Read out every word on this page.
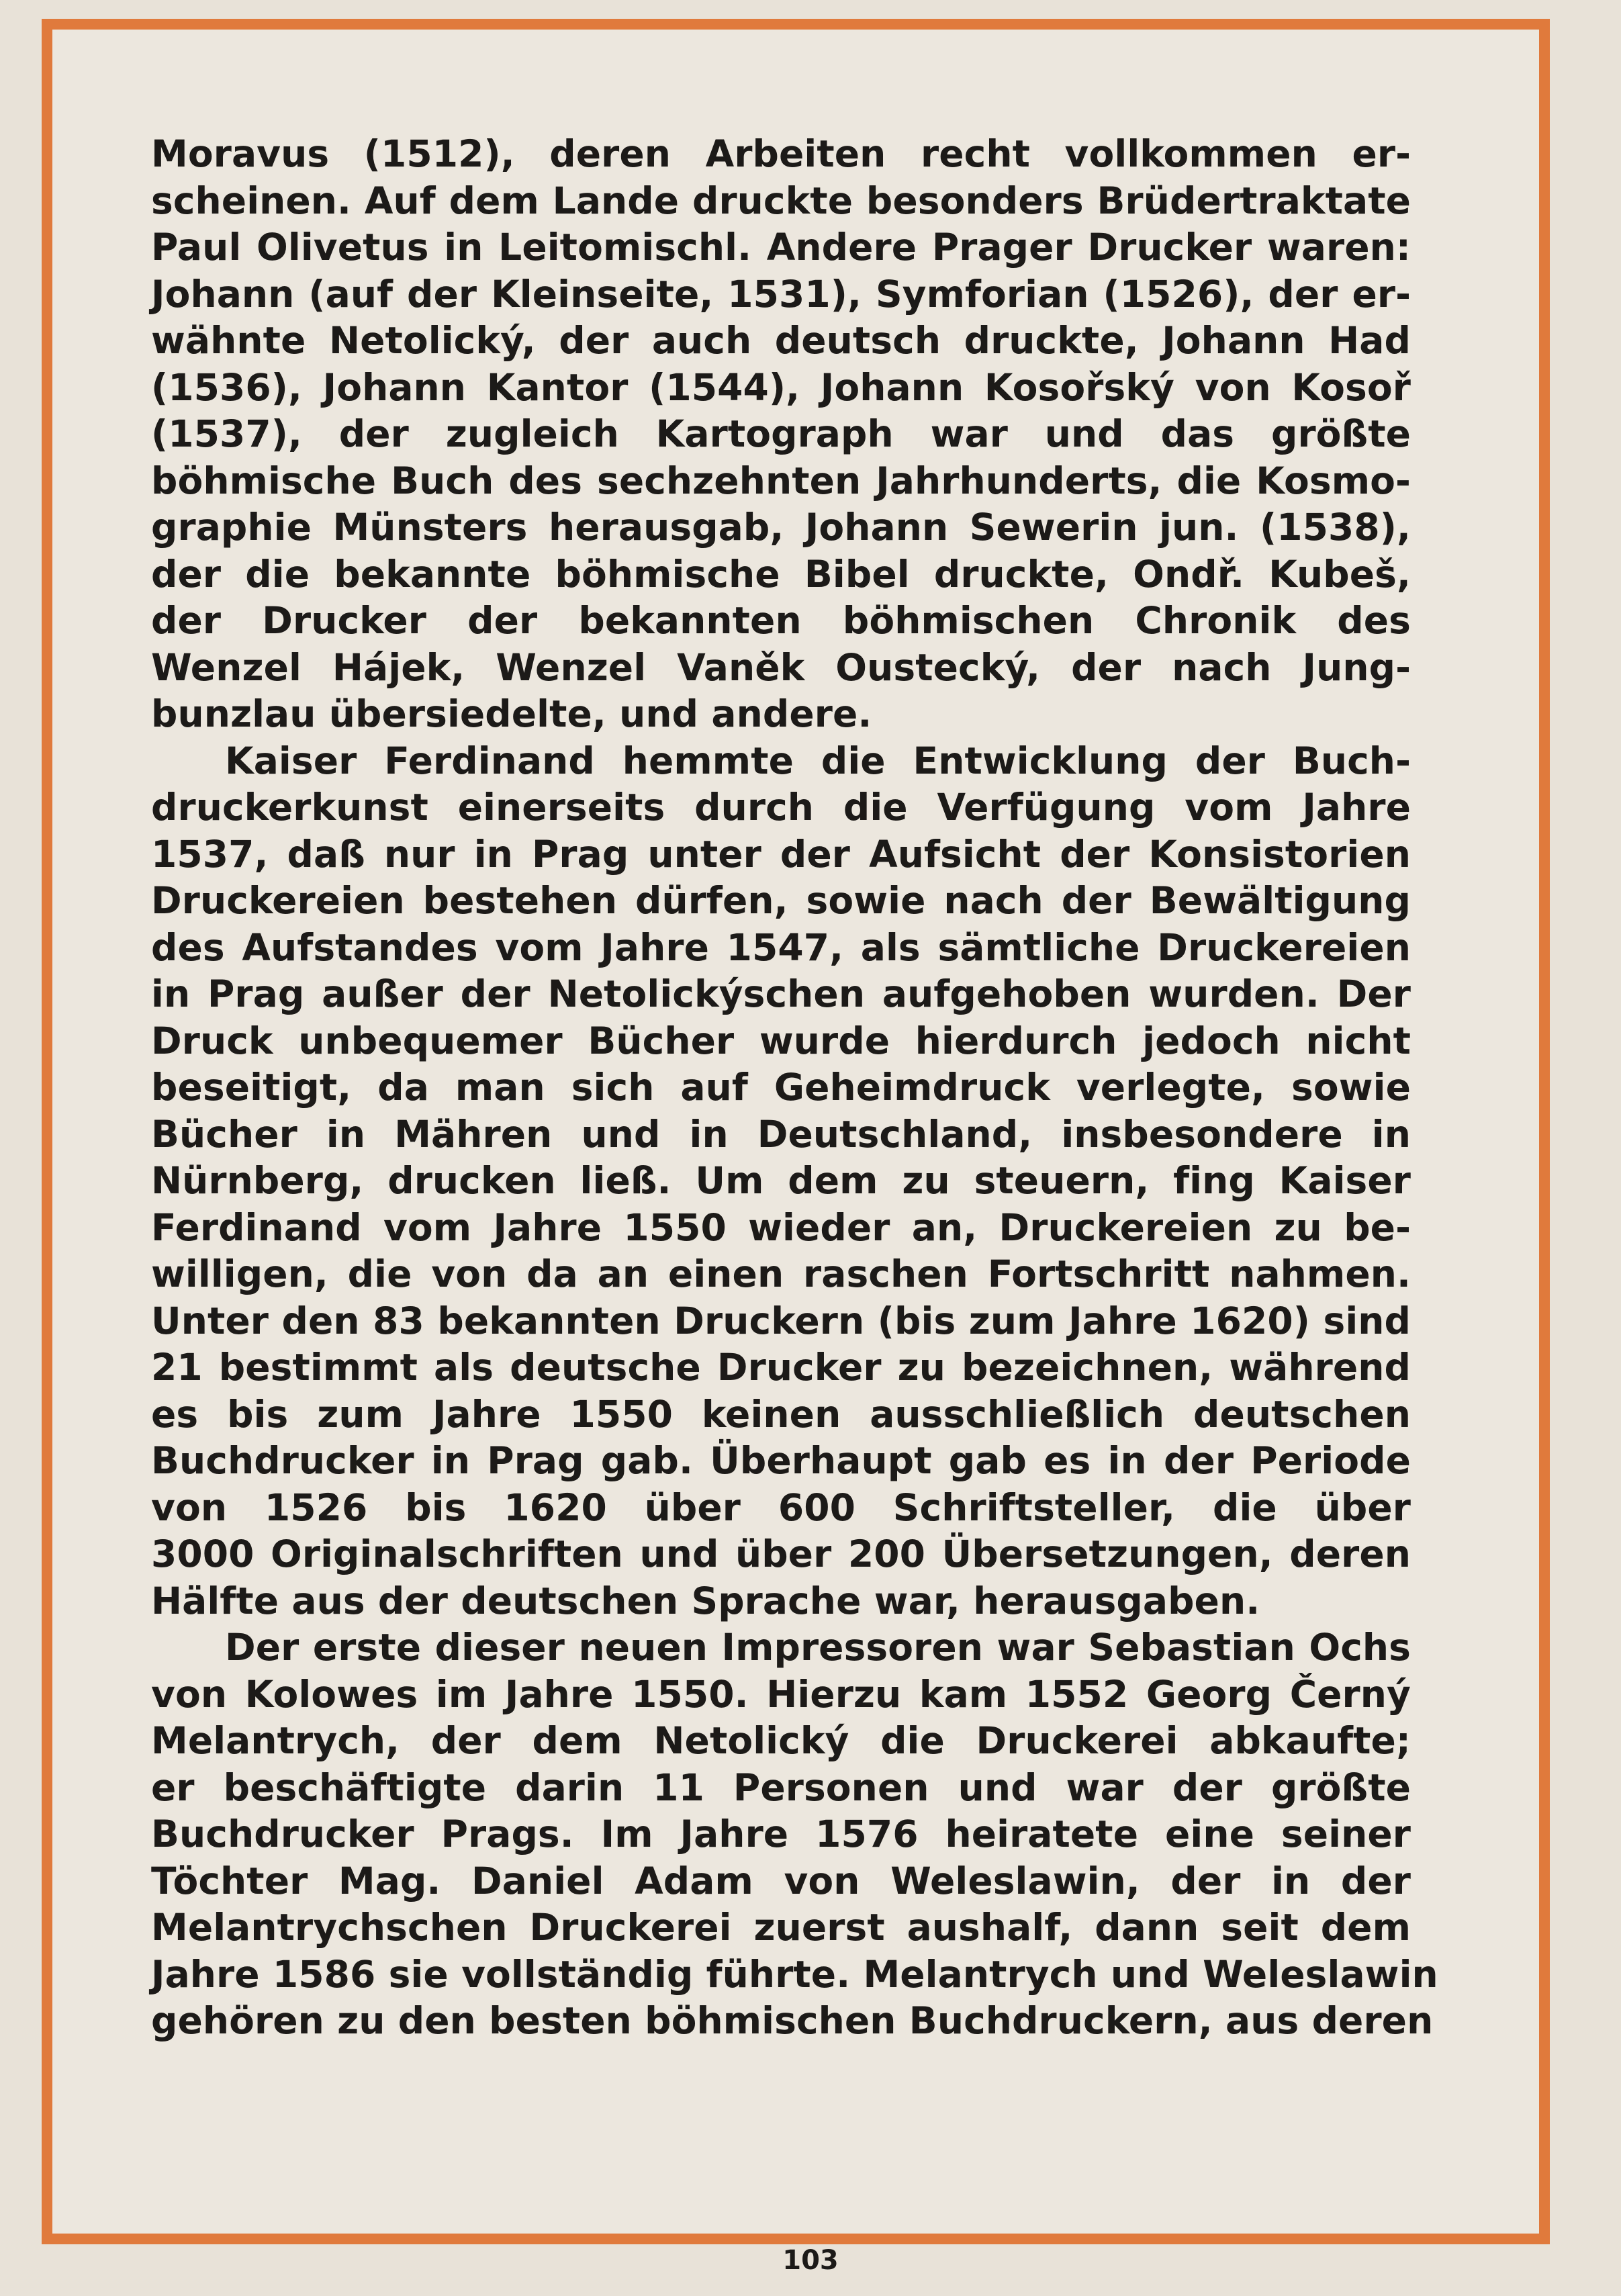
Moravus (1512), deren Arbeiten recht vollkommen er-
scheinen. Auf dem Lande druckte besonders Brüdertraktate
Paul Olivetus in Leitomischl. Andere Prager Drucker waren:
Johann (auf der Kleinseite, 1531), Symforian (1526), der er-
wähnte Netolický, der auch deutsch druckte, Johann Had
(1536), Johann Kantor (1544), Johann Kosořský von Kosoř
(1537), der zugleich Kartograph war und das größte
böhmische Buch des sechzehnten Jahrhunderts, die Kosmo-
graphie Münsters herausgab, Johann Sewerin jun. (1538),
der die bekannte böhmische Bibel druckte, Ondř. Kubeš,
der Drucker der bekannten böhmischen Chronik des
Wenzel Hájek, Wenzel Vaněk Oustecký, der nach Jung-
bunzlau übersiedelte, und andere.
Kaiser Ferdinand hemmte die Entwicklung der Buch-
druckerkunst einerseits durch die Verfügung vom Jahre
1537, daß nur in Prag unter der Aufsicht der Konsistorien
Druckereien bestehen dürfen, sowie nach der Bewältigung
des Aufstandes vom Jahre 1547, als sämtliche Druckereien
in Prag außer der Netolickýschen aufgehoben wurden. Der
Druck unbequemer Bücher wurde hierdurch jedoch nicht
beseitigt, da man sich auf Geheimdruck verlegte, sowie
Bücher in Mähren und in Deutschland, insbesondere in
Nürnberg, drucken ließ. Um dem zu steuern, fing Kaiser
Ferdinand vom Jahre 1550 wieder an, Druckereien zu be-
willigen, die von da an einen raschen Fortschritt nahmen.
Unter den 83 bekannten Druckern (bis zum Jahre 1620) sind
21 bestimmt als deutsche Drucker zu bezeichnen, während
es bis zum Jahre 1550 keinen ausschließlich deutschen
Buchdrucker in Prag gab. Überhaupt gab es in der Periode
von 1526 bis 1620 über 600 Schriftsteller, die über
3000 Originalschriften und über 200 Übersetzungen, deren
Hälfte aus der deutschen Sprache war, herausgaben.
Der erste dieser neuen Impressoren war Sebastian Ochs
von Kolowes im Jahre 1550. Hierzu kam 1552 Georg Černý
Melantrych, der dem Netolický die Druckerei abkaufte;
er beschäftigte darin 11 Personen und war der größte
Buchdrucker Prags. Im Jahre 1576 heiratete eine seiner
Töchter Mag. Daniel Adam von Weleslawin, der in der
Melantrychschen Druckerei zuerst aushalf, dann seit dem
Jahre 1586 sie vollständig führte. Melantrych und Weleslawin
gehören zu den besten böhmischen Buchdruckern, aus deren
103
